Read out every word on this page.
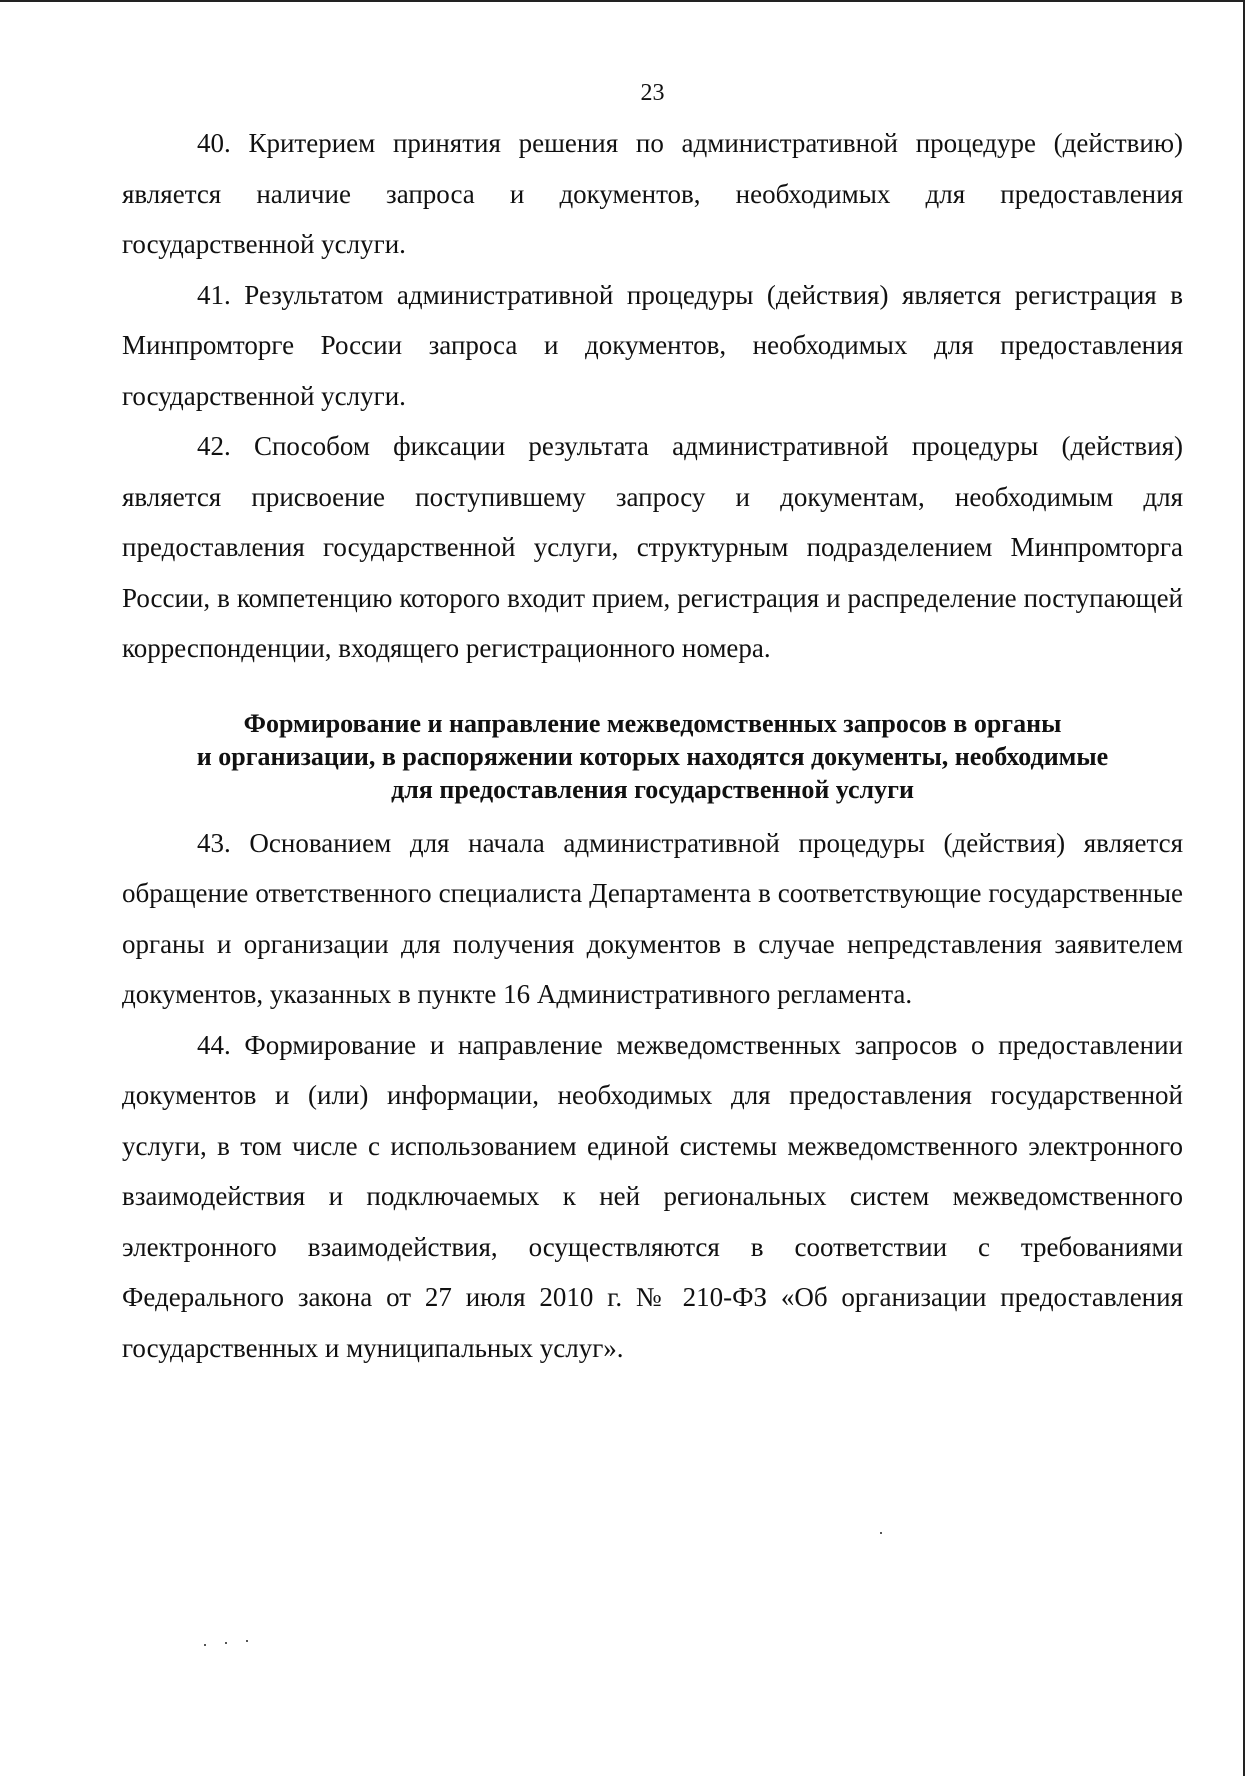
23

40. Критерием принятия решения по административной процедуре (действию) является наличие запроса и документов, необходимых для предоставления государственной услуги.

41. Результатом административной процедуры (действия) является регистрация в Минпромторге России запроса и документов, необходимых для предоставления государственной услуги.

42. Способом фиксации результата административной процедуры (действия) является присвоение поступившему запросу и документам, необходимым для предоставления государственной услуги, структурным подразделением Минпромторга России, в компетенцию которого входит прием, регистрация и распределение поступающей корреспонденции, входящего регистрационного номера.

Формирование и направление межведомственных запросов в органы
и организации, в распоряжении которых находятся документы, необходимые
для предоставления государственной услуги

43. Основанием для начала административной процедуры (действия) является обращение ответственного специалиста Департамента в соответствующие государственные органы и организации для получения документов в случае непредставления заявителем документов, указанных в пункте 16 Административного регламента.

44. Формирование и направление межведомственных запросов о предоставлении документов и (или) информации, необходимых для предоставления государственной услуги, в том числе с использованием единой системы межведомственного электронного взаимодействия и подключаемых к ней региональных систем межведомственного электронного взаимодействия, осуществляются в соответствии с требованиями Федерального закона от 27 июля 2010 г. № 210-ФЗ «Об организации предоставления государственных и муниципальных услуг».
